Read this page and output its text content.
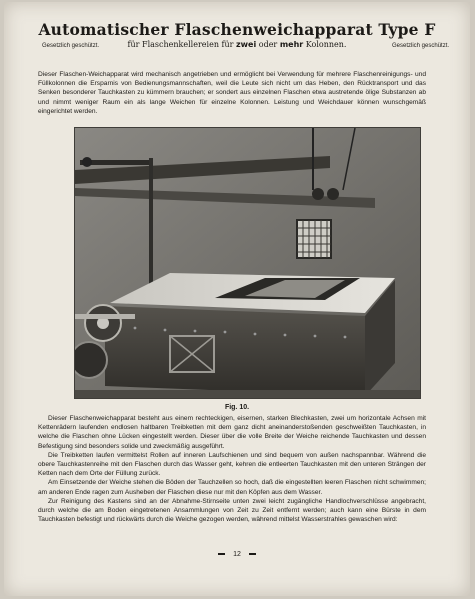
Automatischer Flaschenweichapparat Type F
Gesetzlich geschützt.	Gesetzlich geschützt.
für Flaschenkellereien für zwei oder mehr Kolonnen.
Dieser Flaschen-Weichapparat wird mechanisch angetrieben und ermöglicht bei Verwendung für mehrere Flaschenreinigungs- und Füllkolonnen die Ersparnis von Bedienungsmannschaften, weil die Leute sich nicht um das Heben, den Rücktransport und das Senken besonderer Tauchkasten zu kümmern brauchen; er sondert aus einzelnen Flaschen etwa austretende ölige Substanzen ab und nimmt weniger Raum ein als lange Weichen für einzelne Kolonnen. Leistung und Weichdauer können wunschgemäß eingerichtet werden.
Fig. 10.

Dieser Flaschenweichapparat besteht aus einem rechteckigen, eisernen, starken Blechkasten, zwei um horizontale Achsen mit Kettenrädern laufenden endlosen haltbaren Treibketten mit dem ganz dicht aneinanderstoßenden geschweißten Tauchkasten, in welche die Flaschen ohne Lücken eingestellt werden. Dieser über die volle Breite der Weiche reichende Tauchkasten und dessen Befestigung sind besonders solide und zweckmäßig ausgeführt.

Die Treibketten laufen vermittelst Rollen auf inneren Laufschienen und sind bequem von außen nachspannbar. Während die obere Tauchkastenreihe mit den Flaschen durch das Wasser geht, kehren die entleerten Tauchkasten mit den unteren Strängen der Ketten nach dem Orte der Füllung zurück.

Am Einsetzende der Weiche stehen die Böden der Tauchzellen so hoch, daß die eingestellten leeren Flaschen nicht schwimmen; am anderen Ende ragen zum Ausheben der Flaschen diese nur mit den Köpfen aus dem Wasser.

Zur Reinigung des Kastens sind an der Abnahme-Stirnseite unten zwei leicht zugängliche Handlochverschlüsse angebracht, durch welche die am Boden eingetretenen Ansammlungen von Zeit zu Zeit entfernt werden; auch kann eine Bürste in dem Tauchkasten befestigt und rückwärts durch die Weiche gezogen werden, während mittelst Wasserstrahles gewaschen wird:

12
